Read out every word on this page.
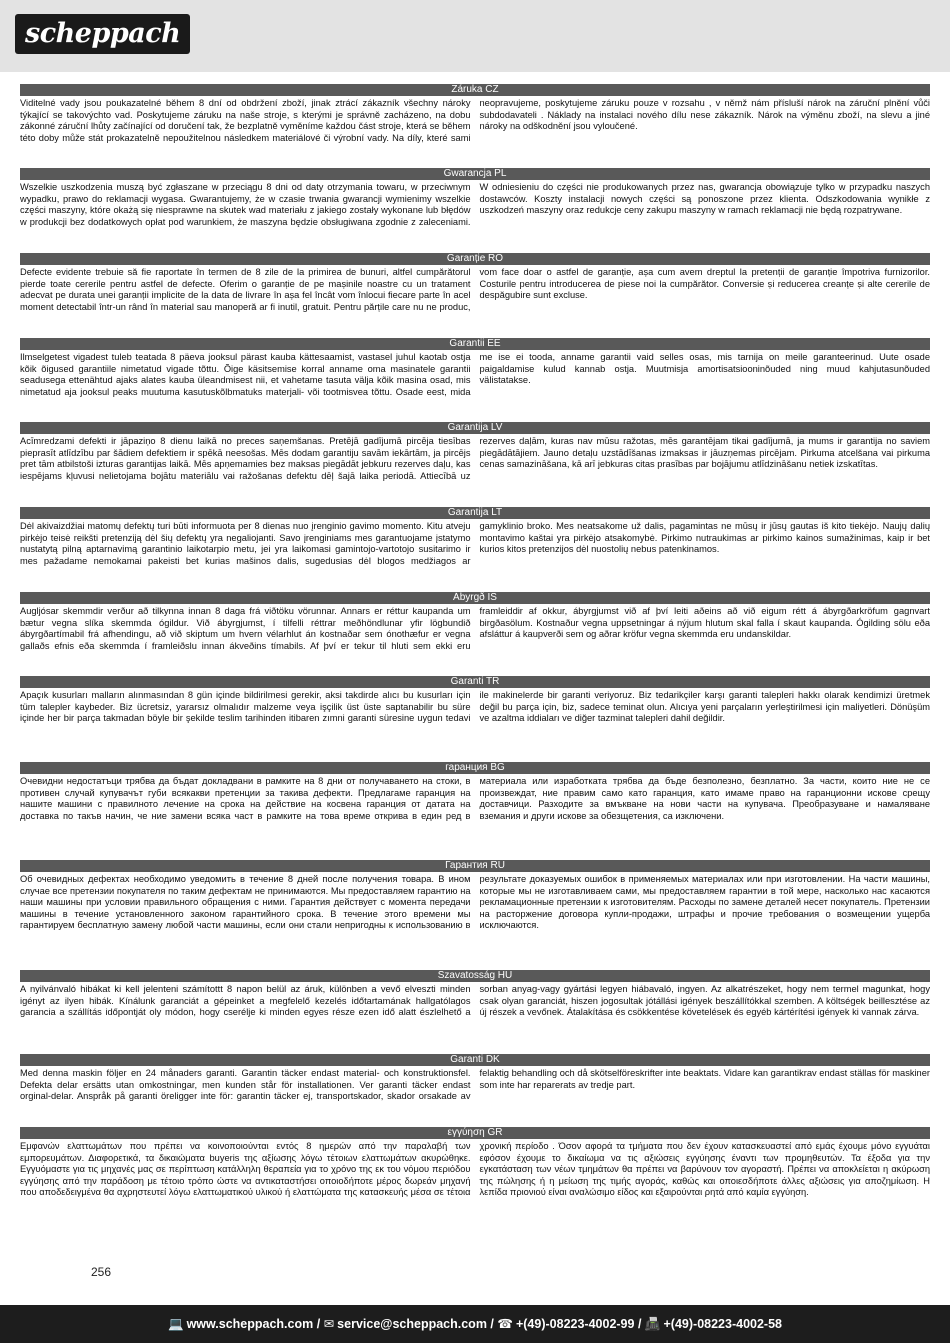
scheppach
Záruka CZ
Viditelné vady jsou poukazatelné během 8 dní od obdržení zboží, jinak ztrácí zákazník všechny nároky týkající se takovýchto vad. Poskytujeme záruku na naše stroje, s kterými je správně zacházeno, na dobu zákonné záruční lhůty začínající od doručení tak, že bezplatně vyměníme každou část stroje, která se během této doby může stát prokazatelně nepoužitelnou následkem materiálové či výrobní vady. Na díly, které sami neopravujeme, poskytujeme záruku pouze v rozsahu , v němž nám přísluší nárok na záruční plnění vůči subdodavateli . Náklady na instalaci nového dílu nese zákazník. Nárok na výměnu zboží, na slevu a jiné nároky na odškodnění jsou vyloučené.
Gwarancja PL
Wszelkie uszkodzenia muszą być zgłaszane w przeciągu 8 dni od daty otrzymania towaru, w przeciwnym wypadku, prawo do reklamacji wygasa. Gwarantujemy, że w czasie trwania gwarancji wymienimy wszelkie części maszyny, które okażą się niesprawne na skutek wad materiału z jakiego zostały wykonane lub błędów w produkcji bez dodatkowych opłat pod warunkiem, że maszyna będzie obsługiwana zgodnie z zaleceniami. W odniesieniu do części nie produkowanych przez nas, gwarancja obowiązuje tylko w przypadku naszych dostawców. Koszty instalacji nowych części są ponoszone przez klienta. Odszkodowania wynikłe z uszkodzeń maszyny oraz redukcje ceny zakupu maszyny w ramach reklamacji nie będą rozpatrywane.
Garanție RO
Defecte evidente trebuie să fie raportate în termen de 8 zile de la primirea de bunuri, altfel cumpărătorul pierde toate cererile pentru astfel de defecte. Oferim o garanție de pe mașinile noastre cu un tratament adecvat pe durata unei garanții implicite de la data de livrare în așa fel încât vom înlocui fiecare parte în acel moment detectabil într-un rând în material sau manoperă ar fi inutil, gratuit. Pentru părțile care nu ne produc, vom face doar o astfel de garanție, așa cum avem dreptul la pretenții de garanție împotriva furnizorilor. Costurile pentru introducerea de piese noi la cumpărător. Conversie și reducerea creanțe și alte cererile de despăgubire sunt excluse.
Garantii EE
Ilmselgetest vigadest tuleb teatada 8 päeva jooksul pärast kauba kättesaamist, vastasel juhul kaotab ostja kõik õigused garantiile nimetatud vigade tõttu. Õige käsitsemise korral anname oma masinatele garantii seadusega ettenähtud ajaks alates kauba üleandmisest nii, et vahetame tasuta välja kõik masina osad, mis nimetatud aja jooksul peaks muutuma kasutuskõlbmatuks materjali- või tootmisvea tõttu. Osade eest, mida me ise ei tooda, anname garantii vaid selles osas, mis tarnija on meile garanteerinud. Uute osade paigaldamise kulud kannab ostja. Muutmisja amortisatsiooninõuded ning muud kahjutasunõuded välistatakse.
Garantija LV
Acīmredzami defekti ir jāpaziņo 8 dienu laikā no preces saņemšanas. Pretējā gadījumā pircēja tiesības pieprasīt atlīdzību par šādiem defektiem ir spēkā neesošas. Mēs dodam garantiju savām iekārtām, ja pircējs pret tām atbilstoši izturas garantijas laikā. Mēs apņemamies bez maksas piegādāt jebkuru rezerves daļu, kas iespējams kļuvusi nelietojama bojātu materiālu vai ražošanas defektu dēļ šajā laika periodā. Attiecībā uz rezerves daļām, kuras nav mūsu ražotas, mēs garantējam tikai gadījumā, ja mums ir garantija no saviem piegādātājiem. Jauno detaļu uzstādīšanas izmaksas ir jāuzņemas pircējam. Pirkuma atcelšana vai pirkuma cenas samazināšana, kā arī jebkuras citas prasības par bojājumu atlīdzināšanu netiek izskatītas.
Garantija LT
Dėl akivaizdžiai matomų defektų turi būti informuota per 8 dienas nuo įrenginio gavimo momento. Kitu atveju pirkėjo teisė reikšti pretenziją dėl šių defektų yra negaliojanti. Savo įrenginiams mes garantuojame įstatymo nustatytą pilną aptarnavimą garantinio laikotarpio metu, jei yra laikomasi gamintojo-vartotojo susitarimo ir mes pažadame nemokamai pakeisti bet kurias mašinos dalis, sugedusias dėl blogos medžiagos ar gamyklinio broko. Mes neatsakome už dalis, pagamintas ne mūsų ir jūsų gautas iš kito tiekėjo. Naujų dalių montavimo kaštai yra pirkėjo atsakomybė. Pirkimo nutraukimas ar pirkimo kainos sumažinimas, kaip ir bet kurios kitos pretenzijos dėl nuostolių nebus patenkinamos.
Ábyrgð IS
Augljósar skemmdir verður að tilkynna innan 8 daga frá viðtöku vörunnar. Annars er réttur kaupanda um bætur vegna slíka skemmda ógildur. Við ábyrgjumst, í tilfelli réttrar meðhöndlunar yfir lögbundið ábyrgðartímabil frá afhendingu, að við skiptum um hvern vélarhlut án kostnaðar sem ónothæfur er vegna gallaðs efnis eða skemmda í framleiðslu innan ákveðins tímabils. Af því er tekur til hluti sem ekki eru framleiddir af okkur, ábyrgjumst við af því leiti aðeins að við eigum rétt á ábyrgðarkröfum gagnvart birgðasölum. Kostnaður vegna uppsetningar á nýjum hlutum skal falla í skaut kaupanda. Ógilding sölu eða afsláttur á kaupverði sem og aðrar kröfur vegna skemmda eru undanskildar.
Garanti TR
Apaçık kusurları malların alınmasından 8 gün içinde bildirilmesi gerekir, aksi takdirde alıcı bu kusurları için tüm talepler kaybeder. Biz ücretsiz, yararsız olmalıdır malzeme veya işçilik üst üste saptanabilir bu süre içinde her bir parça takmadan böyle bir şekilde teslim tarihinden itibaren zımni garanti süresine uygun tedavi ile makinelerde bir garanti veriyoruz. Biz tedarikçiler karşı garanti talepleri hakkı olarak kendimizi üretmek değil bu parça için, biz, sadece teminat olun. Alıcıya yeni parçaların yerleştirilmesi için maliyetleri. Dönüşüm ve azaltma iddiaları ve diğer tazminat talepleri dahil değildir.
гаранция BG
Очевидни недостатъци трябва да бъдат докладвани в рамките на 8 дни от получаването на стоки, в противен случай купувачът губи всякакви претенции за такива дефекти. Предлагаме гаранция на нашите машини с правилното лечение на срока на действие на косвена гаранция от датата на доставка по такъв начин, че ние замени всяка част в рамките на това време открива в един ред в материала или изработката трябва да бъде безполезно, безплатно. За части, които ние не се произвеждат, ние правим само като гаранция, като имаме право на гаранционни искове срещу доставчици. Разходите за вмъкване на нови части на купувача. Преобразуване и намаляване вземания и други искове за обезщетения, са изключени.
Гарантия RU
Об очевидных дефектах необходимо уведомить в течение 8 дней после получения товара. В ином случае все претензии покупателя по таким дефектам не принимаются. Мы предоставляем гарантию на наши машины при условии правильного обращения с ними. Гарантия действует с момента передачи машины в течение установленного законом гарантийного срока. В течение этого времени мы гарантируем бесплатную замену любой части машины, если они стали непригодны к использованию в результате доказуемых ошибок в применяемых материалах или при изготовлении. На части машины, которые мы не изготавливаем сами, мы предоставляем гарантии в той мере, насколько нас касаются рекламационные претензии к изготовителям. Расходы по замене деталей несет покупатель. Претензии на расторжение договора купли-продажи, штрафы и прочие требования о возмещении ущерба исключаются.
Szavatosság HU
A nyilvánvaló hibákat ki kell jelenteni számítottt 8 napon belül az áruk, különben a vevő elveszti minden igényt az ilyen hibák. Kínálunk garanciát a gépeinket a megfelelő kezelés időtartamának hallgatólagos garancia a szállítás időpontját oly módon, hogy cserélje ki minden egyes része ezen idő alatt észlelhető a sorban anyag-vagy gyártási legyen hiábavaló, ingyen. Az alkatrészeket, hogy nem termel magunkat, hogy csak olyan garanciát, hiszen jogosultak jótállási igények beszállítókkal szemben. A költségek beillesztése az új részek a vevőnek. Átalakítása és csökkentése követelések és egyéb kártérítési igények ki vannak zárva.
Garanti DK
Med denna maskin följer en 24 månaders garanti. Garantin täcker endast material- och konstruktionsfel. Defekta delar ersätts utan omkostningar, men kunden står för installationen. Ver garanti täcker endast orginal-delar. Anspråk på garanti öreligger inte för: garantin täcker ej, transportskador, skador orsakade av felaktig behandling och då skötselföreskrifter inte beaktats. Vidare kan garantikrav endast ställas för maskiner som inte har reparerats av tredje part.
εγγύηση GR
Εμφανών ελαττωμάτων που πρέπει να κοινοποιούνται εντός 8 ημερών από την παραλαβή των εμπορευμάτων. Διαφορετικά, τα δικαιώματα buyeris της αξίωσης λόγω τέτοιων ελαττωμάτων ακυρώθηκε. Εγγυόμαστε για τις μηχανές μας σε περίπτωση κατάλληλη θεραπεία για το χρόνο της εκ του νόμου περιόδου εγγύησης από την παράδοση με τέτοιο τρόπο ώστε να αντικαταστήσει οποιοδήποτε μέρος δωρεάν μηχανή που αποδεδειγμένα θα αχρηστευτεί λόγω ελαττωματικού υλικού ή ελαττώματα της κατασκευής μέσα σε τέτοια χρονική περίοδο . Όσον αφορά τα τμήματα που δεν έχουν κατασκευαστεί από εμάς έχουμε μόνο εγγυάται εφόσον έχουμε το δικαίωμα να τις αξιώσεις εγγύησης έναντι των προμηθευτών. Τα έξοδα για την εγκατάσταση των νέων τμημάτων θα πρέπει να βαρύνουν τον αγοραστή. Πρέπει να αποκλείεται η ακύρωση της πώλησης ή η μείωση της τιμής αγοράς, καθώς και οποιεσδήποτε άλλες αξιώσεις για αποζημίωση. Η λεπίδα πριονιού είναι αναλώσιμο είδος και εξαιρούνται ρητά από καμία εγγύηση.
256
💻 www.scheppach.com / ✉ service@scheppach.com / ☎ +(49)-08223-4002-99 / 📠 +(49)-08223-4002-58
